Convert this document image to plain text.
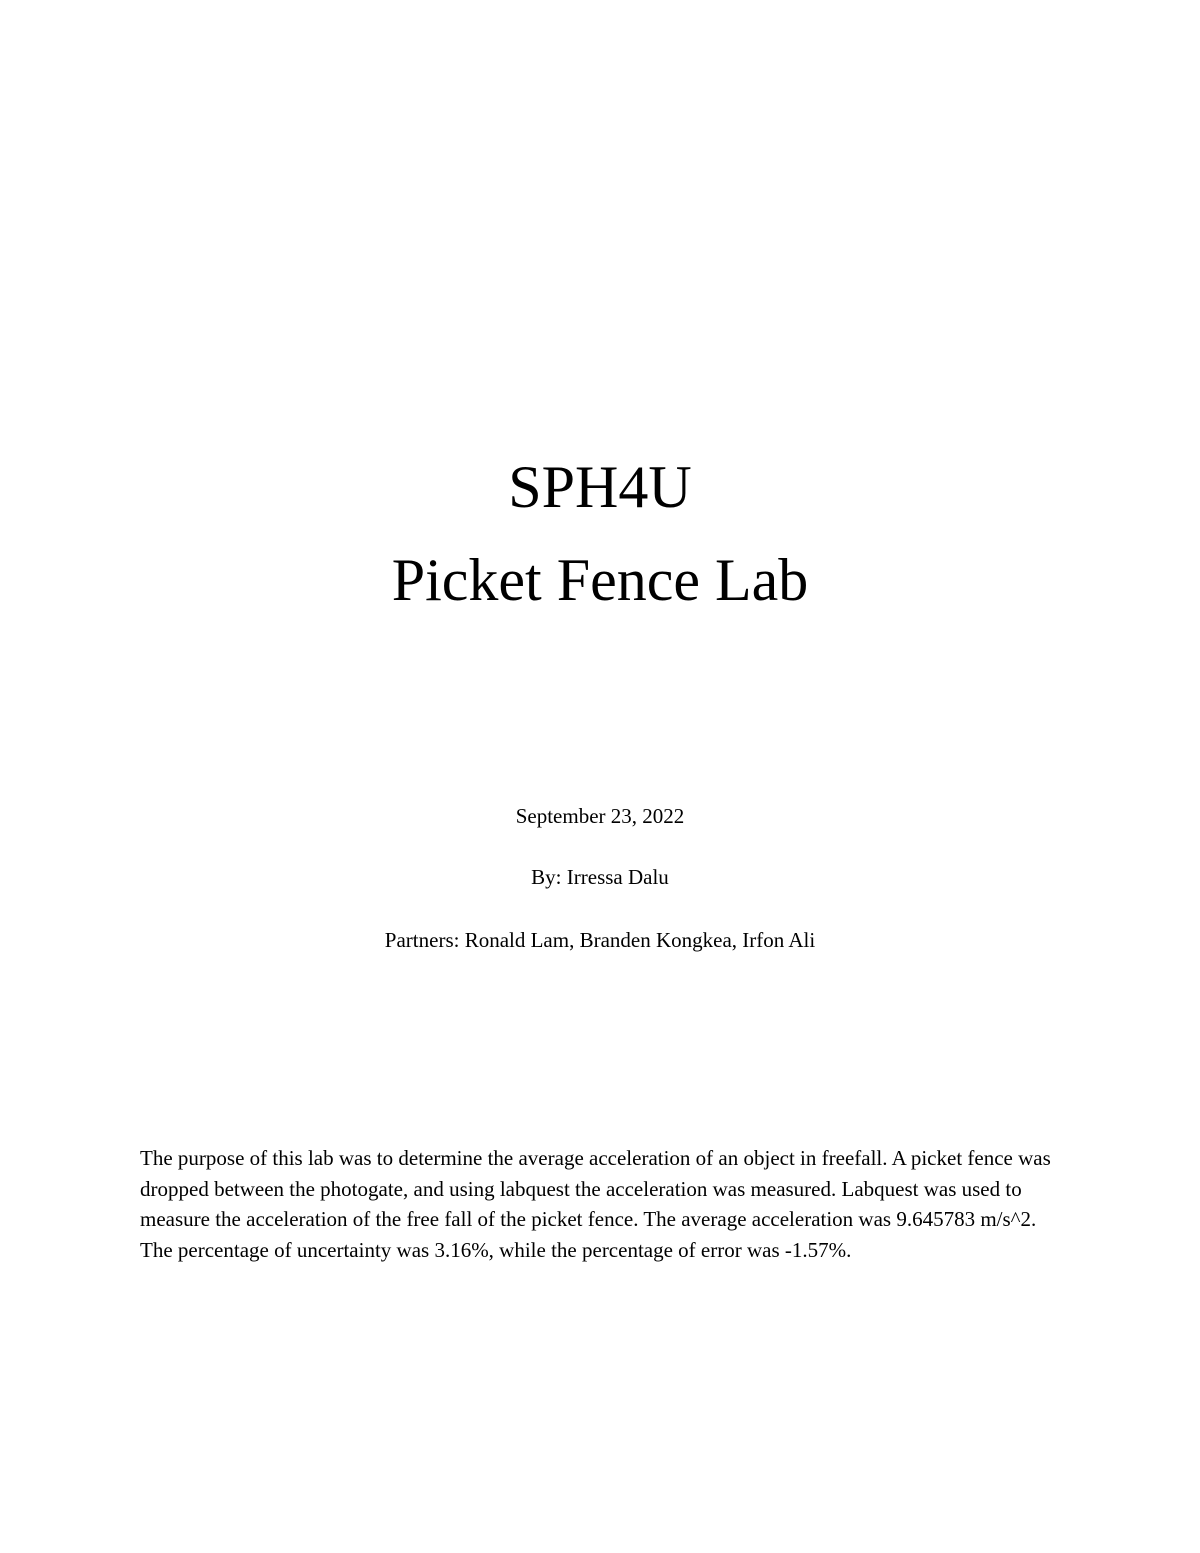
SPH4U
Picket Fence Lab
September 23, 2022
By: Irressa Dalu
Partners: Ronald Lam, Branden Kongkea, Irfon Ali

The purpose of this lab was to determine the average acceleration of an object in freefall. A picket fence was dropped between the photogate, and using labquest the acceleration was measured. Labquest was used to measure the acceleration of the free fall of the picket fence. The average acceleration was 9.645783 m/s^2. The percentage of uncertainty was 3.16%, while the percentage of error was -1.57%.
